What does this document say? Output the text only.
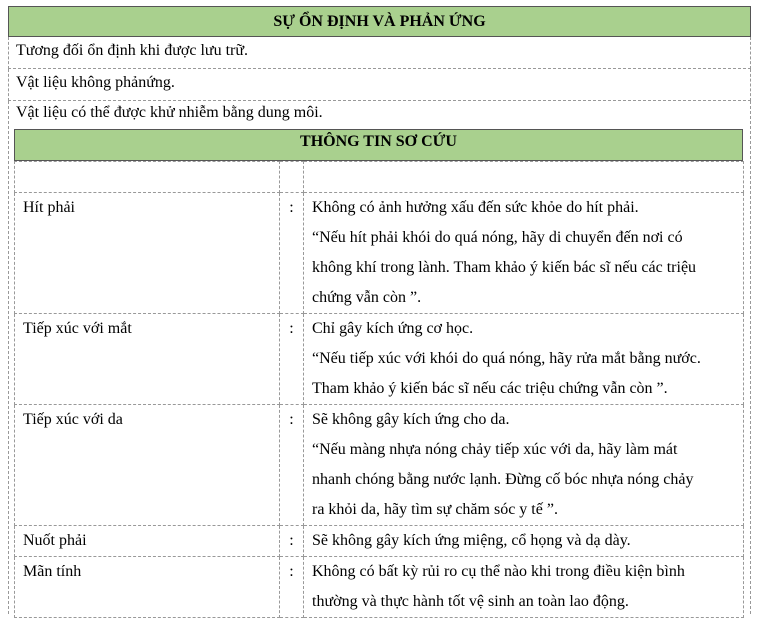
SỰ ỔN ĐỊNH VÀ PHẢN ỨNG
Tương đối ổn định khi được lưu trữ.
Vật liệu không phảnứng.
Vật liệu có thể được khử nhiễm bằng dung môi.
THÔNG TIN SƠ CỨU

Hít phải	:	Không có ảnh hưởng xấu đến sức khỏe do hít phải.
“Nếu hít phải khói do quá nóng, hãy di chuyển đến nơi có
không khí trong lành. Tham khảo ý kiến bác sĩ nếu các triệu
chứng vẫn còn ”.

Tiếp xúc với mắt	:	Chỉ gây kích ứng cơ học.
“Nếu tiếp xúc với khói do quá nóng, hãy rửa mắt bằng nước.
Tham khảo ý kiến bác sĩ nếu các triệu chứng vẫn còn ”.

Tiếp xúc với da	:	Sẽ không gây kích ứng cho da.
“Nếu màng nhựa nóng chảy tiếp xúc với da, hãy làm mát
nhanh chóng bằng nước lạnh. Đừng cố bóc nhựa nóng chảy
ra khỏi da, hãy tìm sự chăm sóc y tế ”.

Nuốt phải	:	Sẽ không gây kích ứng miệng, cổ họng và dạ dày.

Mãn tính	:	Không có bất kỳ rủi ro cụ thể nào khi trong điều kiện bình
thường và thực hành tốt vệ sinh an toàn lao động.
